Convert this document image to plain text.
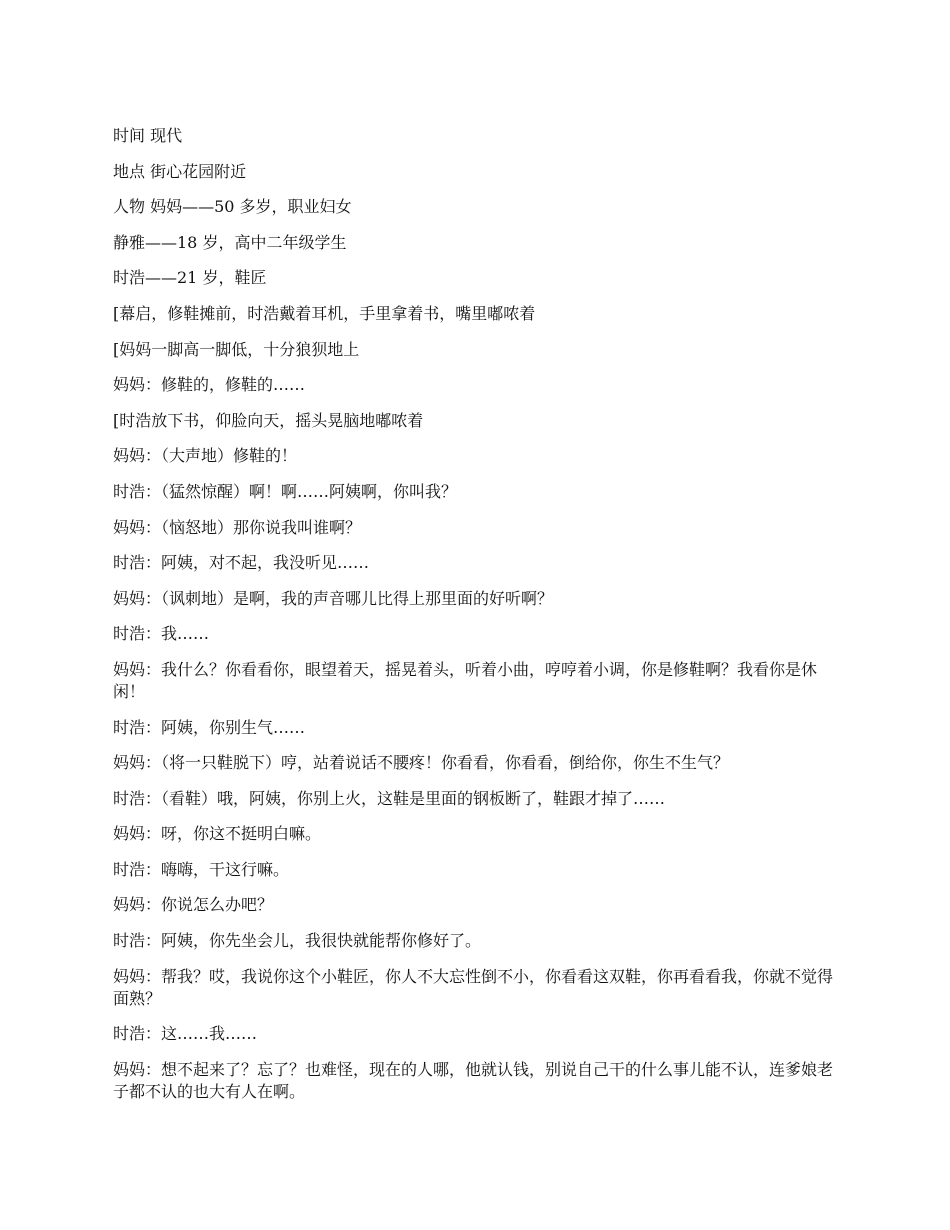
时间 现代

地点 街心花园附近

人物 妈妈——50 多岁，职业妇女

静雅——18 岁，高中二年级学生

时浩——21 岁，鞋匠

[幕启，修鞋摊前，时浩戴着耳机，手里拿着书，嘴里嘟哝着

[妈妈一脚高一脚低，十分狼狈地上

妈妈：修鞋的，修鞋的……

[时浩放下书，仰脸向天，摇头晃脑地嘟哝着

妈妈：（大声地）修鞋的！

时浩：（猛然惊醒）啊！啊……阿姨啊，你叫我？

妈妈：（恼怒地）那你说我叫谁啊？

时浩：阿姨，对不起，我没听见……

妈妈：（讽刺地）是啊，我的声音哪儿比得上那里面的好听啊？

时浩：我……

妈妈：我什么？你看看你，眼望着天，摇晃着头，听着小曲，哼哼着小调，你是修鞋啊？我看你是休闲！

时浩：阿姨，你别生气……

妈妈：（将一只鞋脱下）哼，站着说话不腰疼！你看看，你看看，倒给你，你生不生气？

时浩：（看鞋）哦，阿姨，你别上火，这鞋是里面的钢板断了，鞋跟才掉了……

妈妈：呀，你这不挺明白嘛。

时浩：嗨嗨，干这行嘛。

妈妈：你说怎么办吧？

时浩：阿姨，你先坐会儿，我很快就能帮你修好了。

妈妈：帮我？哎，我说你这个小鞋匠，你人不大忘性倒不小，你看看这双鞋，你再看看我，你就不觉得面熟？

时浩：这……我……

妈妈：想不起来了？忘了？也难怪，现在的人哪，他就认钱，别说自己干的什么事儿能不认，连爹娘老子都不认的也大有人在啊。
